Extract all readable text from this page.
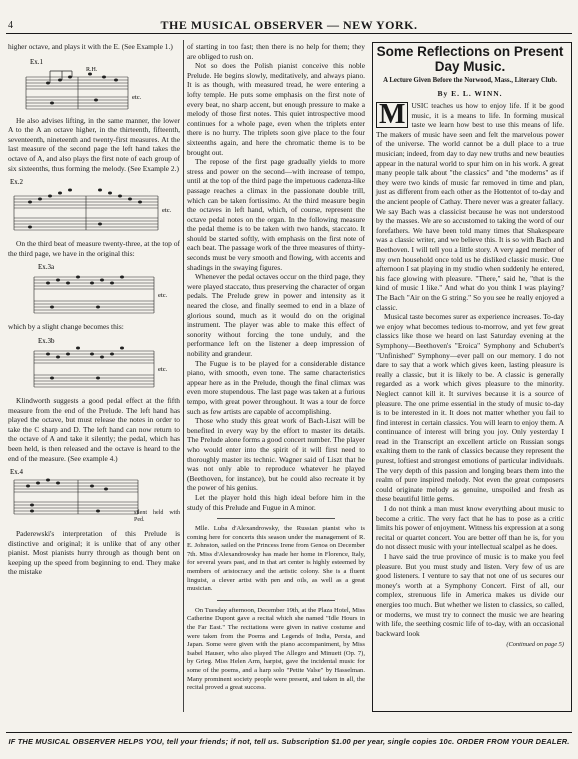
4	THE MUSICAL OBSERVER — NEW YORK.

higher octave, and plays it with the E. (See Example 1.)

Ex.1
R.H.
etc.

He also advises lifting, in the same manner, the lower A to the A an octave higher, in the thirteenth, fifteenth, seventeenth, nineteenth and twenty-first measures. At the last measure of the second page the left hand takes the octave of A, and also plays the first note of each group of six sixteenths, thus forming the melody. (See Example 2.)

Ex.2
etc.

On the third beat of measure twenty-three, at the top of the third page, we have in the original this:

Ex.3a
etc.

which by a slight change becomes this:

Ex.3b
etc.

Klindworth suggests a good pedal effect at the fifth measure from the end of the Prelude. The left hand has played the octave, but must release the notes in order to take the C sharp and D. The left hand can now return to the octave of A and take it silently; the pedal, which has been held, is then released and the octave is heard to the end of the measure. (See example 4.)

Ex.4
silent held with Ped.

Paderewski's interpretation of this Prelude is distinctive and original; it is unlike that of any other pianist. Most pianists hurry through as though bent on keeping up the speed from beginning to end. They make the mistake

of starting in too fast; then there is no help for them; they are obliged to rush on.

Not so does the Polish pianist conceive this noble Prelude. He begins slowly, meditatively, and always piano. It is as though, with measured tread, he were entering a lofty temple. He puts some emphasis on the first note of every beat, no sharp accent, but enough pressure to make a melody of those first notes. This quiet introspective mood continues for a whole page, even when the triplets enter there is no hurry. The triplets soon give place to the four sixteenths again, and here the chromatic theme is to be brought out.

The repose of the first page gradually yields to more stress and power on the second—with increase of tempo, until at the top of the third page the impetuous cadenza-like passage reaches a climax in the passionate double trill, which can be taken fortissimo. At the third measure begin the octaves in left hand, which, of course, represent the octave pedal notes on the organ. In the following measure the pedal theme is to be taken with two hands, staccato. It should be started softly, with emphasis on the first note of each beat. The passage work of the three measures of thirty-seconds must be very smooth and flowing, with accents and shadings in the swaying figures.

Whenever the pedal octaves occur on the third page, they were played staccato, thus preserving the character of organ pedals. The Prelude grew in power and intensity as it neared the close, and finally seemed to end in a blaze of glorious sound, much as it would do on the original instrument. The player was able to make this effect of sonority without forcing the tone unduly, and the performance left on the listener a deep impression of nobility and grandeur.

The Fugue is to be played for a considerable distance piano, with smooth, even tone. The same characteristics appear here as in the Prelude, though the final climax was even more stupendous. The last page was taken at a furious tempo, with great power throughout. It was a tour de force such as few artists are capable of accomplishing.

Those who study this great work of Bach-Liszt will be benefited in every way by the effort to master its details. The Prelude alone forms a good concert number. The player who would enter into the spirit of it will first need to thoroughly master its technic. Wagner said of Liszt that he was not only able to reproduce whatever he played (Beethoven, for instance), but he could also recreate it by the power of his genius.

Let the player hold this high ideal before him in the study of this Prelude and Fugue in A minor.

Mlle. Luba d'Alexandrowsky, the Russian pianist who is coming here for concerts this season under the management of R. E. Johnston, sailed on the Princess Irene from Genoa on December 7th. Miss d'Alexandrowsky has made her home in Florence, Italy, for several years past, and in that art center is highly esteemed by members of aristocracy and the artistic colony. She is a fluent linguist, a clever artist with pen and oils, as well as a great musician.

On Tuesday afternoon, December 19th, at the Plaza Hotel, Miss Catherine Dupont gave a recital which she named "Idle Hours in the Far East." The recitations were given in native costume and were taken from the Poems and Legends of India, Persia, and Japan. Some were given with the piano accompaniment, by Miss Isabel Hauser, who also played The Allegro and Minuett (Op. 7), by Grieg. Miss Helen Arm, harpist, gave the incidental music for some of the poems, and a harp solo "Petite Valse" by Hasselman. Many prominent society people were present, and taken in all, the recital proved a great success.

Some Reflections on Present Day Music.
A Lecture Given Before the Norwood, Mass., Literary Club.
By E. L. WINN.

M USIC teaches us how to enjoy life. If it be good music, it is a means to life. In forming musical taste we learn how best to use this means of life. The makers of music have seen and felt the marvelous power of the universe. The world cannot be a dull place to a true musician; indeed, from day to day new truths and new beauties appear in the natural world to spur him on in his work. A great many people talk about "the classics" and "the moderns" as if they were two kinds of music far removed in time and plan, just as different from each other as the Hottentot of to-day and the ancient people of Cathay. There never was a greater fallacy. We say Bach was a classicist because he was not understood by the masses. We are so accustomed to taking the word of our forefathers. We have been told many times that Shakespeare was a classic writer, and we believe this. It is so with Bach and Beethoven. I will tell you a little story. A very aged member of my own household once told us he disliked classic music. One afternoon I sat playing in my studio when suddenly he entered, his face glowing with pleasure. "There," said he, "that is the kind of music I like." And what do you think I was playing? The Bach "Air on the G string." So you see he really enjoyed a classic.

Musical taste becomes surer as experience increases. To-day we enjoy what becomes tedious to-morrow, and yet few great classics like those we heard on last Saturday evening at the Symphony—Beethoven's "Eroica" Symphony and Schubert's "Unfinished" Symphony—ever pall on our memory. I do not dare to say that a work which gives keen, lasting pleasure is really a classic, but it is likely to be. A classic is generally regarded as a work which gives pleasure to the minority. Neglect cannot kill it. It survives because it is a source of pleasure. The one prime essential in the study of music to-day is to be interested in it. It does not matter whether you fail to find interest in certain classics. You will learn to enjoy them. A continuance of interest will bring you joy. Only yesterday I read in the Transcript an excellent article on Russian songs exalting them to the rank of classics because they represent the purest, loftiest and strongest emotions of particular individuals. The very depth of this passion and longing bears them into the realm of pure inspired melody. Not even the great composers could originate melody as genuine, unspoiled and fresh as these beautiful little gems.

I do not think a man must know everything about music to become a critic. The very fact that he has to pose as a critic limits his power of enjoyment. Witness his expression at a song recital or quartet concert. You are better off than he is, for you do not dissect music with your intellectual scalpel as he does.

I have said the true province of music is to make you feel pleasure. But you must study and listen. Very few of us are good listeners. I venture to say that not one of us secures our money's worth at a Symphony Concert. First of all, our complex, strenuous life in America makes us divide our energies too much. But whether we listen to classics, so called, or moderns, we must try to connect the music we are hearing with life, the seething cosmic life of to-day, with an occasional backward look

(Continued on page 5)
IF THE MUSICAL OBSERVER HELPS YOU, tell your friends; if not, tell us. Subscription $1.00 per year, single copies 10c. ORDER FROM YOUR DEALER.
